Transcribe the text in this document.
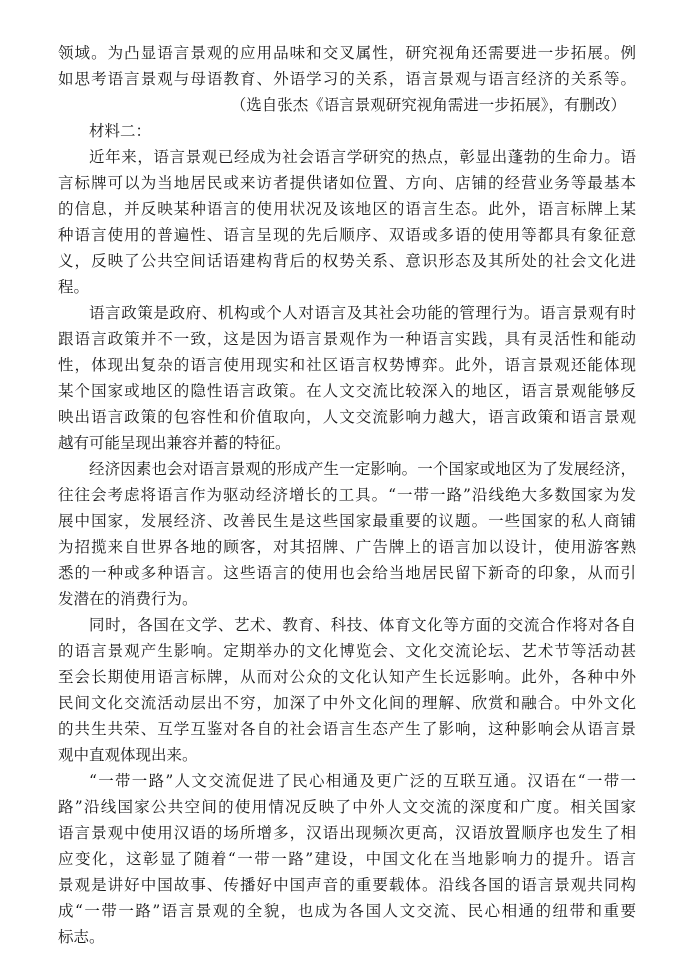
领域。为凸显语言景观的应用品味和交叉属性，研究视角还需要进一步拓展。例
如思考语言景观与母语教育、外语学习的关系，语言景观与语言经济的关系等。
（选自张杰《语言景观研究视角需进一步拓展》，有删改）
材料二：
近年来，语言景观已经成为社会语言学研究的热点，彰显出蓬勃的生命力。语
言标牌可以为当地居民或来访者提供诸如位置、方向、店铺的经营业务等最基本
的信息，并反映某种语言的使用状况及该地区的语言生态。此外，语言标牌上某
种语言使用的普遍性、语言呈现的先后顺序、双语或多语的使用等都具有象征意
义，反映了公共空间话语建构背后的权势关系、意识形态及其所处的社会文化进
程。
语言政策是政府、机构或个人对语言及其社会功能的管理行为。语言景观有时
跟语言政策并不一致，这是因为语言景观作为一种语言实践，具有灵活性和能动
性，体现出复杂的语言使用现实和社区语言权势博弈。此外，语言景观还能体现
某个国家或地区的隐性语言政策。在人文交流比较深入的地区，语言景观能够反
映出语言政策的包容性和价值取向，人文交流影响力越大，语言政策和语言景观
越有可能呈现出兼容并蓄的特征。
经济因素也会对语言景观的形成产生一定影响。一个国家或地区为了发展经济，
往往会考虑将语言作为驱动经济增长的工具。“一带一路”沿线绝大多数国家为发
展中国家，发展经济、改善民生是这些国家最重要的议题。一些国家的私人商铺
为招揽来自世界各地的顾客，对其招牌、广告牌上的语言加以设计，使用游客熟
悉的一种或多种语言。这些语言的使用也会给当地居民留下新奇的印象，从而引
发潜在的消费行为。
同时，各国在文学、艺术、教育、科技、体育文化等方面的交流合作将对各自
的语言景观产生影响。定期举办的文化博览会、文化交流论坛、艺术节等活动甚
至会长期使用语言标牌，从而对公众的文化认知产生长远影响。此外，各种中外
民间文化交流活动层出不穷，加深了中外文化间的理解、欣赏和融合。中外文化
的共生共荣、互学互鉴对各自的社会语言生态产生了影响，这种影响会从语言景
观中直观体现出来。
“一带一路”人文交流促进了民心相通及更广泛的互联互通。汉语在“一带一
路”沿线国家公共空间的使用情况反映了中外人文交流的深度和广度。相关国家
语言景观中使用汉语的场所增多，汉语出现频次更高，汉语放置顺序也发生了相
应变化，这彰显了随着“一带一路”建设，中国文化在当地影响力的提升。语言
景观是讲好中国故事、传播好中国声音的重要载体。沿线各国的语言景观共同构
成“一带一路”语言景观的全貌，也成为各国人文交流、民心相通的纽带和重要
标志。
